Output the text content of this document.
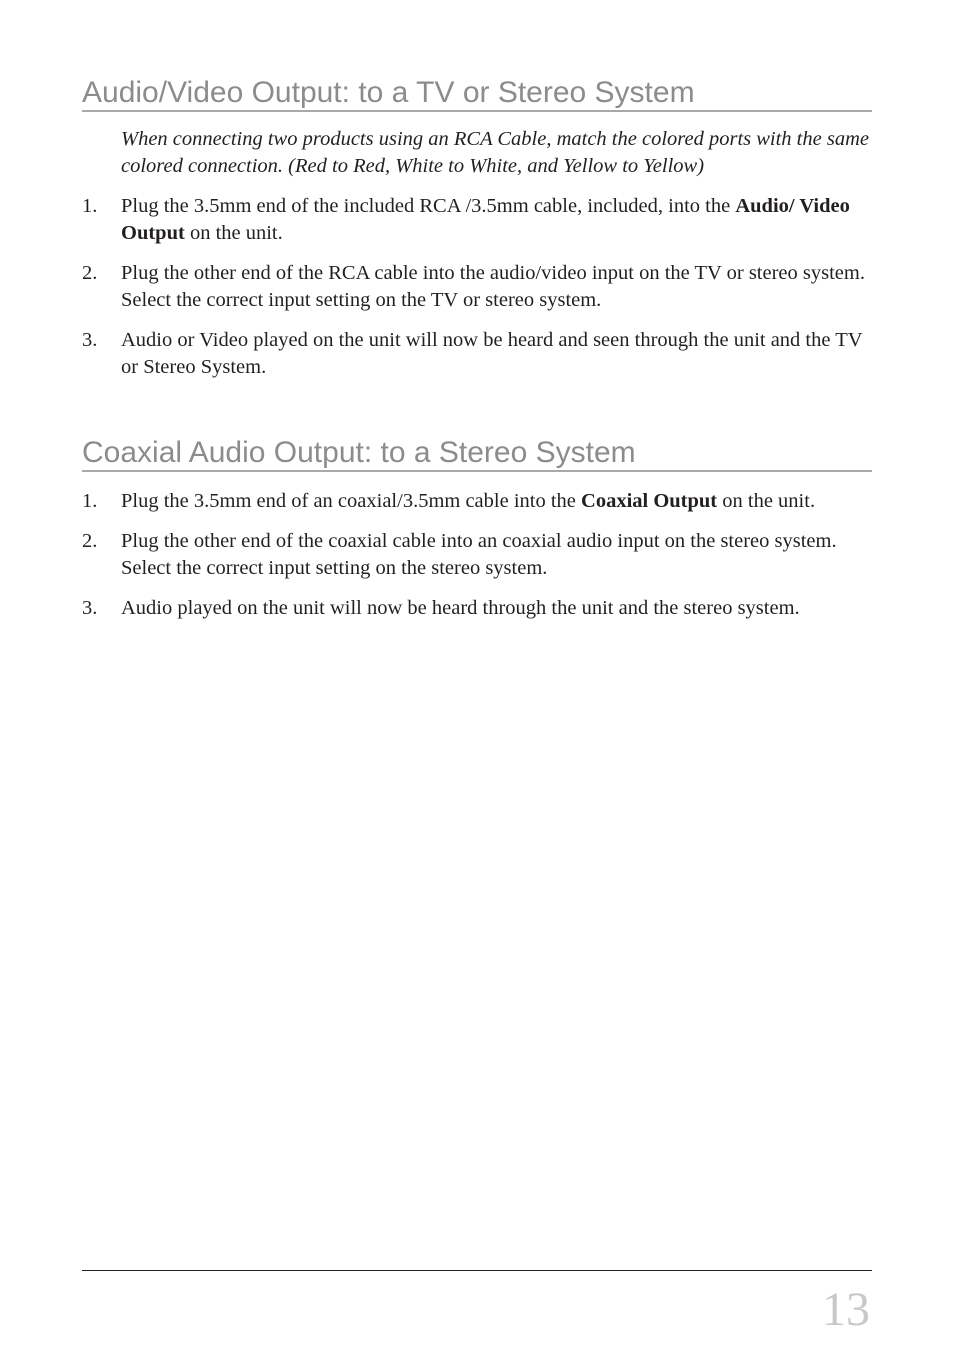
Audio/Video Output: to a TV or Stereo System

When connecting two products using an RCA Cable, match the colored ports with the same colored connection. (Red to Red, White to White, and Yellow to Yellow)

1. Plug the 3.5mm end of the included RCA /3.5mm cable, included, into the Audio/ Video Output on the unit.
2. Plug the other end of the RCA cable into the audio/video input on the TV or stereo system. Select the correct input setting on the TV or stereo system.
3. Audio or Video played on the unit will now be heard and seen through the unit and the TV or Stereo System.
Coaxial Audio Output: to a Stereo System
1. Plug the 3.5mm end of an coaxial/3.5mm cable into the Coaxial Output on the unit.
2. Plug the other end of the coaxial cable into an coaxial audio input on the stereo system. Select the correct input setting on the stereo system.
3. Audio played on the unit will now be heard through the unit and the stereo system.
13
